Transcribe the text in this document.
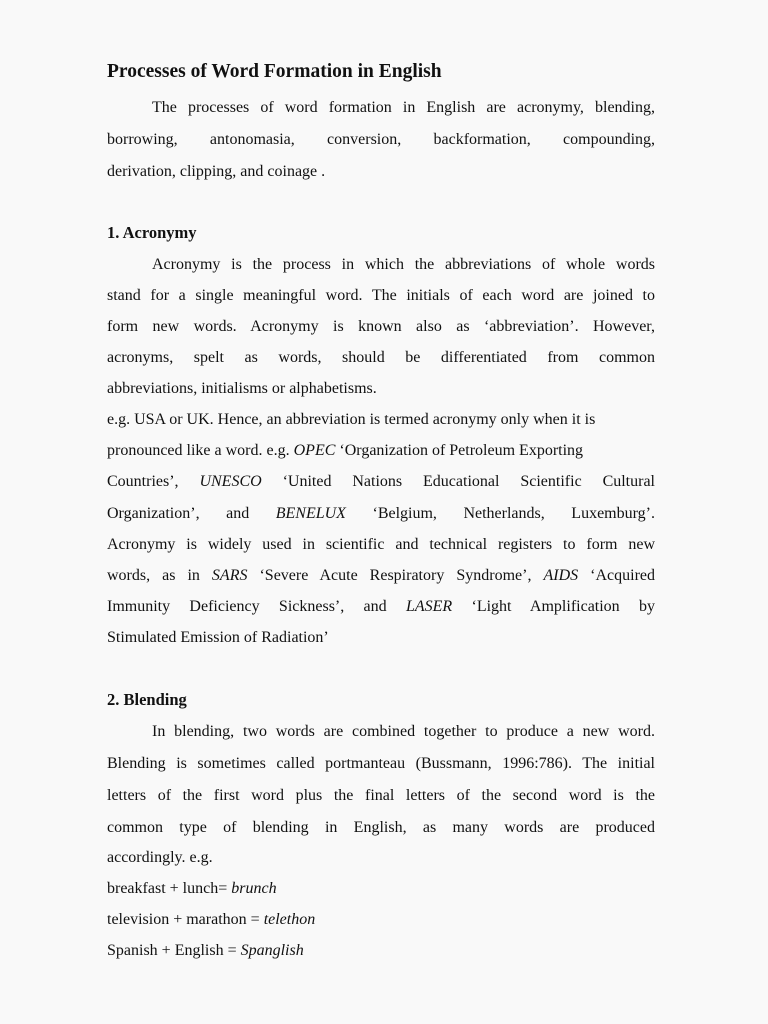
Processes of Word Formation in English
The processes of word formation in English are acronymy, blending,
borrowing, antonomasia, conversion, backformation, compounding,
derivation, clipping, and coinage .
1. Acronymy
Acronymy is the process in which the abbreviations of whole words
stand for a single meaningful word. The initials of each word are joined to
form new words. Acronymy is known also as ‘abbreviation’. However,
acronyms, spelt as words, should be differentiated from common
abbreviations, initialisms or alphabetisms.
e.g. USA or UK. Hence, an abbreviation is termed acronymy only when it is
pronounced like a word. e.g. OPEC ‘Organization of Petroleum Exporting
Countries’, UNESCO ‘United Nations Educational Scientific Cultural
Organization’, and BENELUX ‘Belgium, Netherlands, Luxemburg’.
Acronymy is widely used in scientific and technical registers to form new
words, as in SARS ‘Severe Acute Respiratory Syndrome’, AIDS ‘Acquired
Immunity Deficiency Sickness’, and LASER ‘Light Amplification by
Stimulated Emission of Radiation’
2. Blending
In blending, two words are combined together to produce a new word.
Blending is sometimes called portmanteau (Bussmann, 1996:786). The initial
letters of the first word plus the final letters of the second word is the
common type of blending in English, as many words are produced
accordingly. e.g.
breakfast + lunch= brunch
television + marathon = telethon
Spanish + English = Spanglish
